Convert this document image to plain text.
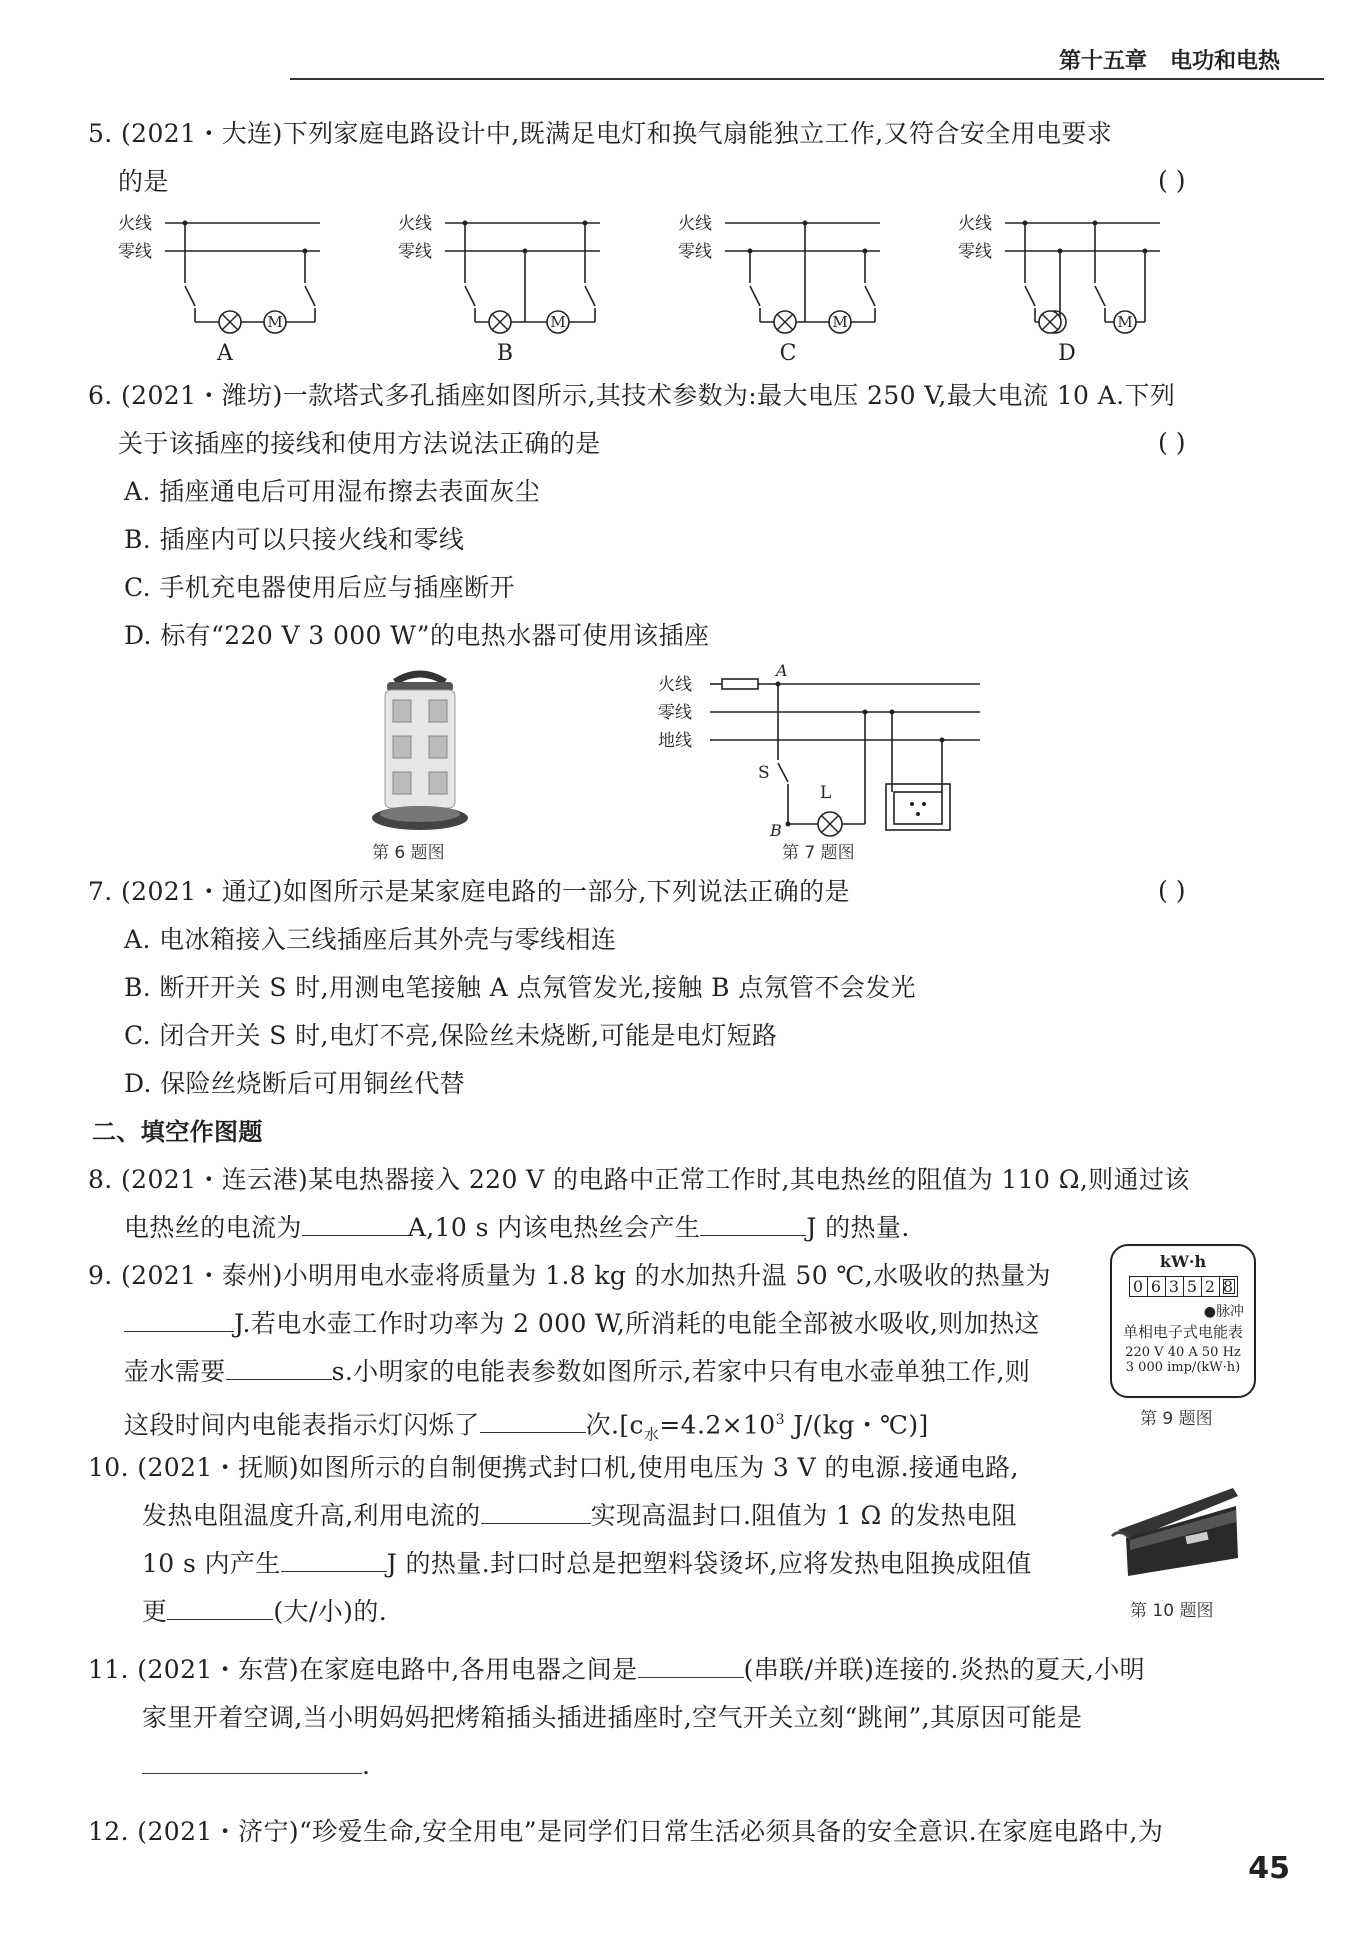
第十五章 电功和电热
5. (2021・大连)下列家庭电路设计中,既满足电灯和换气扇能独立工作,又符合安全用电要求
的是	( )
火线
零线
火线
零线
火线
零线
火线
零线
M	M	M	M
A	B	C	D
6. (2021・潍坊)一款塔式多孔插座如图所示,其技术参数为:最大电压 250 V,最大电流 10 A.下列
关于该插座的接线和使用方法说法正确的是	( )
A. 插座通电后可用湿布擦去表面灰尘
B. 插座内可以只接火线和零线
C. 手机充电器使用后应与插座断开
D. 标有“220 V 3 000 W”的电热水器可使用该插座
第 6 题图
火线
零线
地线
S
L
A
B
第 7 题图
7. (2021・通辽)如图所示是某家庭电路的一部分,下列说法正确的是	( )
A. 电冰箱接入三线插座后其外壳与零线相连
B. 断开开关 S 时,用测电笔接触 A 点氖管发光,接触 B 点氖管不会发光
C. 闭合开关 S 时,电灯不亮,保险丝未烧断,可能是电灯短路
D. 保险丝烧断后可用铜丝代替
二、填空作图题
8. (2021・连云港)某电热器接入 220 V 的电路中正常工作时,其电热丝的阻值为 110 Ω,则通过该
电热丝的电流为	A,10 s 内该电热丝会产生	J 的热量.
9. (2021・泰州)小明用电水壶将质量为 1.8 kg 的水加热升温 50 ℃,水吸收的热量为
J.若电水壶工作时功率为 2 000 W,所消耗的电能全部被水吸收,则加热这
壶水需要	s.小明家的电能表参数如图所示,若家中只有电水壶单独工作,则
这段时间内电能表指示灯闪烁了	次$.[c_水=4.2\times 10^3$ J/(kg・℃)]
kW·h
0 6 3 5 2 8
●脉冲
单相电子式电能表
220 V 40 A 50 Hz
3 000 imp/(kW·h)
第 9 题图
10. (2021・抚顺)如图所示的自制便携式封口机,使用电压为 3 V 的电源.接通电路,
发热电阻温度升高,利用电流的	实现高温封口.阻值为 1 Ω 的发热电阻
10 s 内产生	J 的热量.封口时总是把塑料袋烫坏,应将发热电阻换成阻值
更	(大/小)的.	第 10 题图
11. (2021・东营)在家庭电路中,各用电器之间是	(串联/并联)连接的.炎热的夏天,小明
家里开着空调,当小明妈妈把烤箱插头插进插座时,空气开关立刻“跳闸”,其原因可能是
.
12. (2021・济宁)“珍爱生命,安全用电”是同学们日常生活必须具备的安全意识.在家庭电路中,为
45
